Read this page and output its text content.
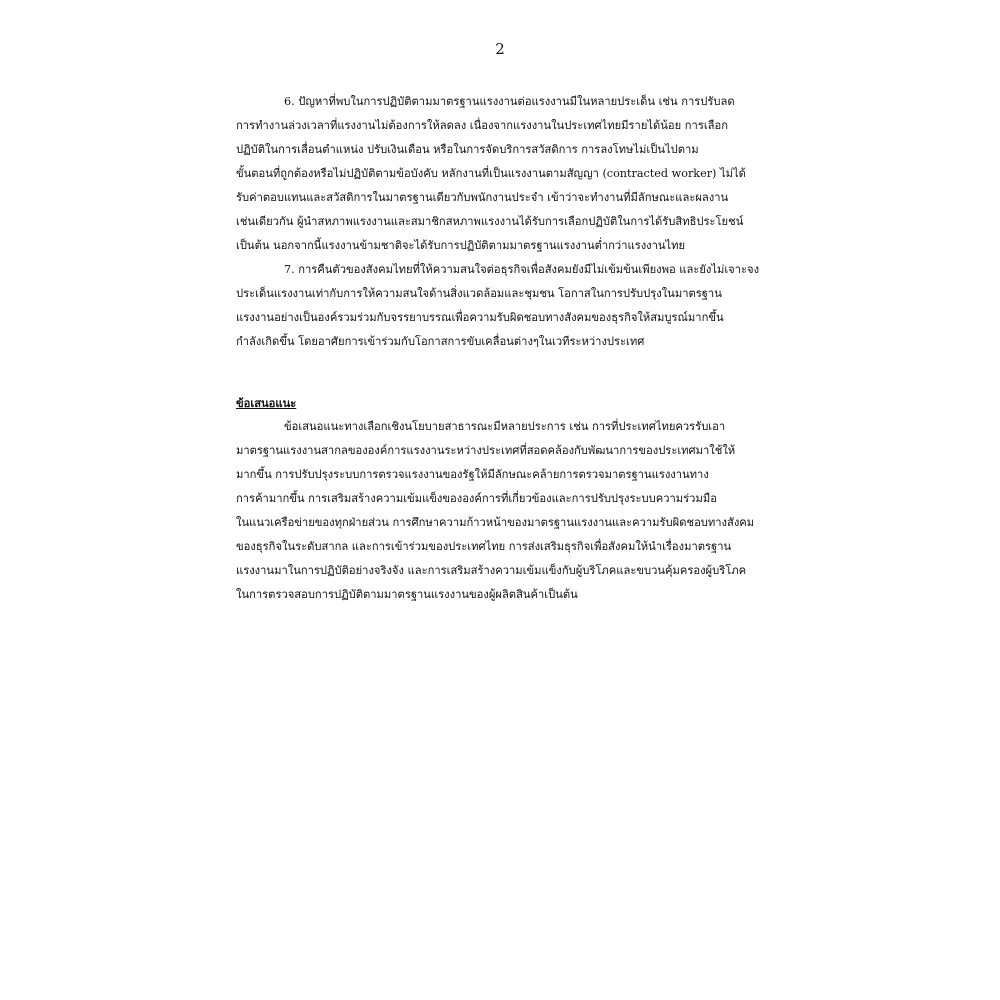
2
6. ปัญหาที่พบในการปฏิบัติตามมาตรฐานแรงงานต่อแรงงานมีในหลายประเด็น เช่น การปรับลด
การทำงานล่วงเวลาที่แรงงานไม่ต้องการให้ลดลง เนื่องจากแรงงานในประเทศไทยมีรายได้น้อย การเลือก
ปฏิบัติในการเลื่อนตำแหน่ง ปรับเงินเดือน หรือในการจัดบริการสวัสดิการ การลงโทษไม่เป็นไปตาม
ขั้นตอนที่ถูกต้องหรือไม่ปฏิบัติตามข้อบังคับ หลักงานที่เป็นแรงงานตามสัญญา (contracted worker) ไม่ได้
รับค่าตอบแทนและสวัสดิการในมาตรฐานเดียวกับพนักงานประจำ เข้าว่าจะทำงานที่มีลักษณะและผลงาน
เช่นเดียวกัน ผู้นำสหภาพแรงงานและสมาชิกสหภาพแรงงานได้รับการเลือกปฏิบัติในการได้รับสิทธิประโยชน์
เป็นต้น นอกจากนี้แรงงานข้ามชาติจะได้รับการปฏิบัติตามมาตรฐานแรงงานต่ำกว่าแรงงานไทย
7. การคืนตัวของสังคมไทยที่ให้ความสนใจต่อธุรกิจเพื่อสังคมยังมีไม่เข้มข้นเพียงพอ และยังไม่เจาะจง
ประเด็นแรงงานเท่ากับการให้ความสนใจด้านสิ่งแวดล้อมและชุมชน โอกาสในการปรับปรุงในมาตรฐาน
แรงงานอย่างเป็นองค์รวมร่วมกับจรรยาบรรณเพื่อความรับผิดชอบทางสังคมของธุรกิจให้สมบูรณ์มากขึ้น
กำลังเกิดขึ้น โดยอาศัยการเข้าร่วมกับโอกาสการขับเคลื่อนต่างๆในเวทีระหว่างประเทศ
ข้อเสนอแนะ
ข้อเสนอแนะทางเลือกเชิงนโยบายสาธารณะมีหลายประการ เช่น การที่ประเทศไทยควรรับเอา
มาตรฐานแรงงานสากลขององค์การแรงงานระหว่างประเทศที่สอดคล้องกับพัฒนาการของประเทศมาใช้ให้
มากขึ้น การปรับปรุงระบบการตรวจแรงงานของรัฐให้มีลักษณะคล้ายการตรวจมาตรฐานแรงงานทาง
การค้ามากขึ้น การเสริมสร้างความเข้มแข็งขององค์การที่เกี่ยวข้องและการปรับปรุงระบบความร่วมมือ
ในแนวเครือข่ายของทุกฝ่ายส่วน การศึกษาความก้าวหน้าของมาตรฐานแรงงานและความรับผิดชอบทางสังคม
ของธุรกิจในระดับสากล และการเข้าร่วมของประเทศไทย การส่งเสริมธุรกิจเพื่อสังคมให้นำเรื่องมาตรฐาน
แรงงานมาในการปฏิบัติอย่างจริงจัง และการเสริมสร้างความเข้มแข็งกับผู้บริโภคและขบวนคุ้มครองผู้บริโภค
ในการตรวจสอบการปฏิบัติตามมาตรฐานแรงงานของผู้ผลิตสินค้าเป็นต้น
